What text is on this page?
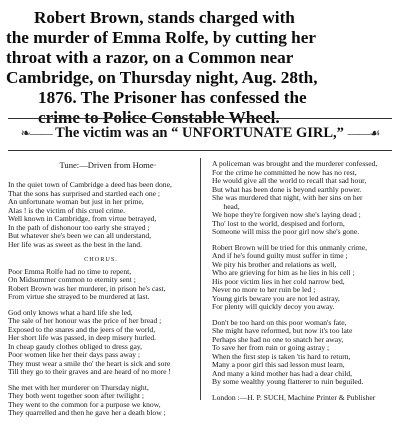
Robert Brown, stands charged with
the murder of Emma Rolfe, by cutting her
throat with a razor, on a Common near
Cambridge, on Thursday night, Aug. 28th,
1876. The Prisoner has confessed the
crime to Police Constable Wheel.
❧—— The victim was an “ UNFORTUNATE GIRL,” ——☙
Tune:—Driven from Home·
In the quiet town of Cambridge a deed has been done,
That the sons has surprised and startled each one ;
An unfortunate woman but just in her prime,
Alas ! is the victim of this cruel crime.
Well known in Cambridge, from virtue betrayed,
In the path of dishonour too early she strayed ;
But whatever she's been we can all understand,
Her life was as sweet as the best in the land.
CHORUS.
Poor Emma Rolfe had no time to repent,
On Midsummer common to eternity sent ;
Robert Brown was her murderer, in prison he's cast,
From virtue she strayed to be murdered at last.
God only knows what a hard life she led,
The sale of her honour was the price of her bread ;
Exposed to the snares and the jeers of the world,
Her short life was passed, in deep misery hurled.
In cheap gaudy clothes obliged to dress gay,
Poor women like her their days pass away ;
They must wear a smile tho' the heart is sick and sore
Till they go to their graves and are heard of no more !
She met with her murderer on Thursday night,
They both went together soon after twilight ;
They went to the common for a purpose we know,
They quarrelled and then he gave her a death blow ;
A policeman was brought and the murderer confessed,
For the crime he committed he now has no rest,
He would give all the world to recall that sad hour,
But what has been done is beyond earthly power.
She was murdered that night, with her sins on her
head,
We hope they're forgiven now she's laying dead ;
Tho' lost to the world, despised and forlorn,
Someone will miss the poor girl now she's gone.
Robert Brown will be tried for this unmanly crime,
And if he's found guilty must suffer in time ;
We pity his brother and relations as well,
Who are grieving for him as he lies in his cell ;
His poor victim lies in her cold narrow bed,
Never no more to her ruin be led ;
Young girls beware you are not led astray,
For plenty will quickly decoy you away.
Don't be too hard on this poor woman's fate,
She might have reformed, but now it's too late
Perhaps she had no one to snatch her away,
To save her from ruin or going astray ;
When the first step is taken 'tis hard to return,
Many a poor girl this sad lesson must learn,
And many a kind mother has had a dear child,
By some wealthy young flatterer to ruin beguiled.
London :—H. P. SUCH, Machine Printer & Publisher
